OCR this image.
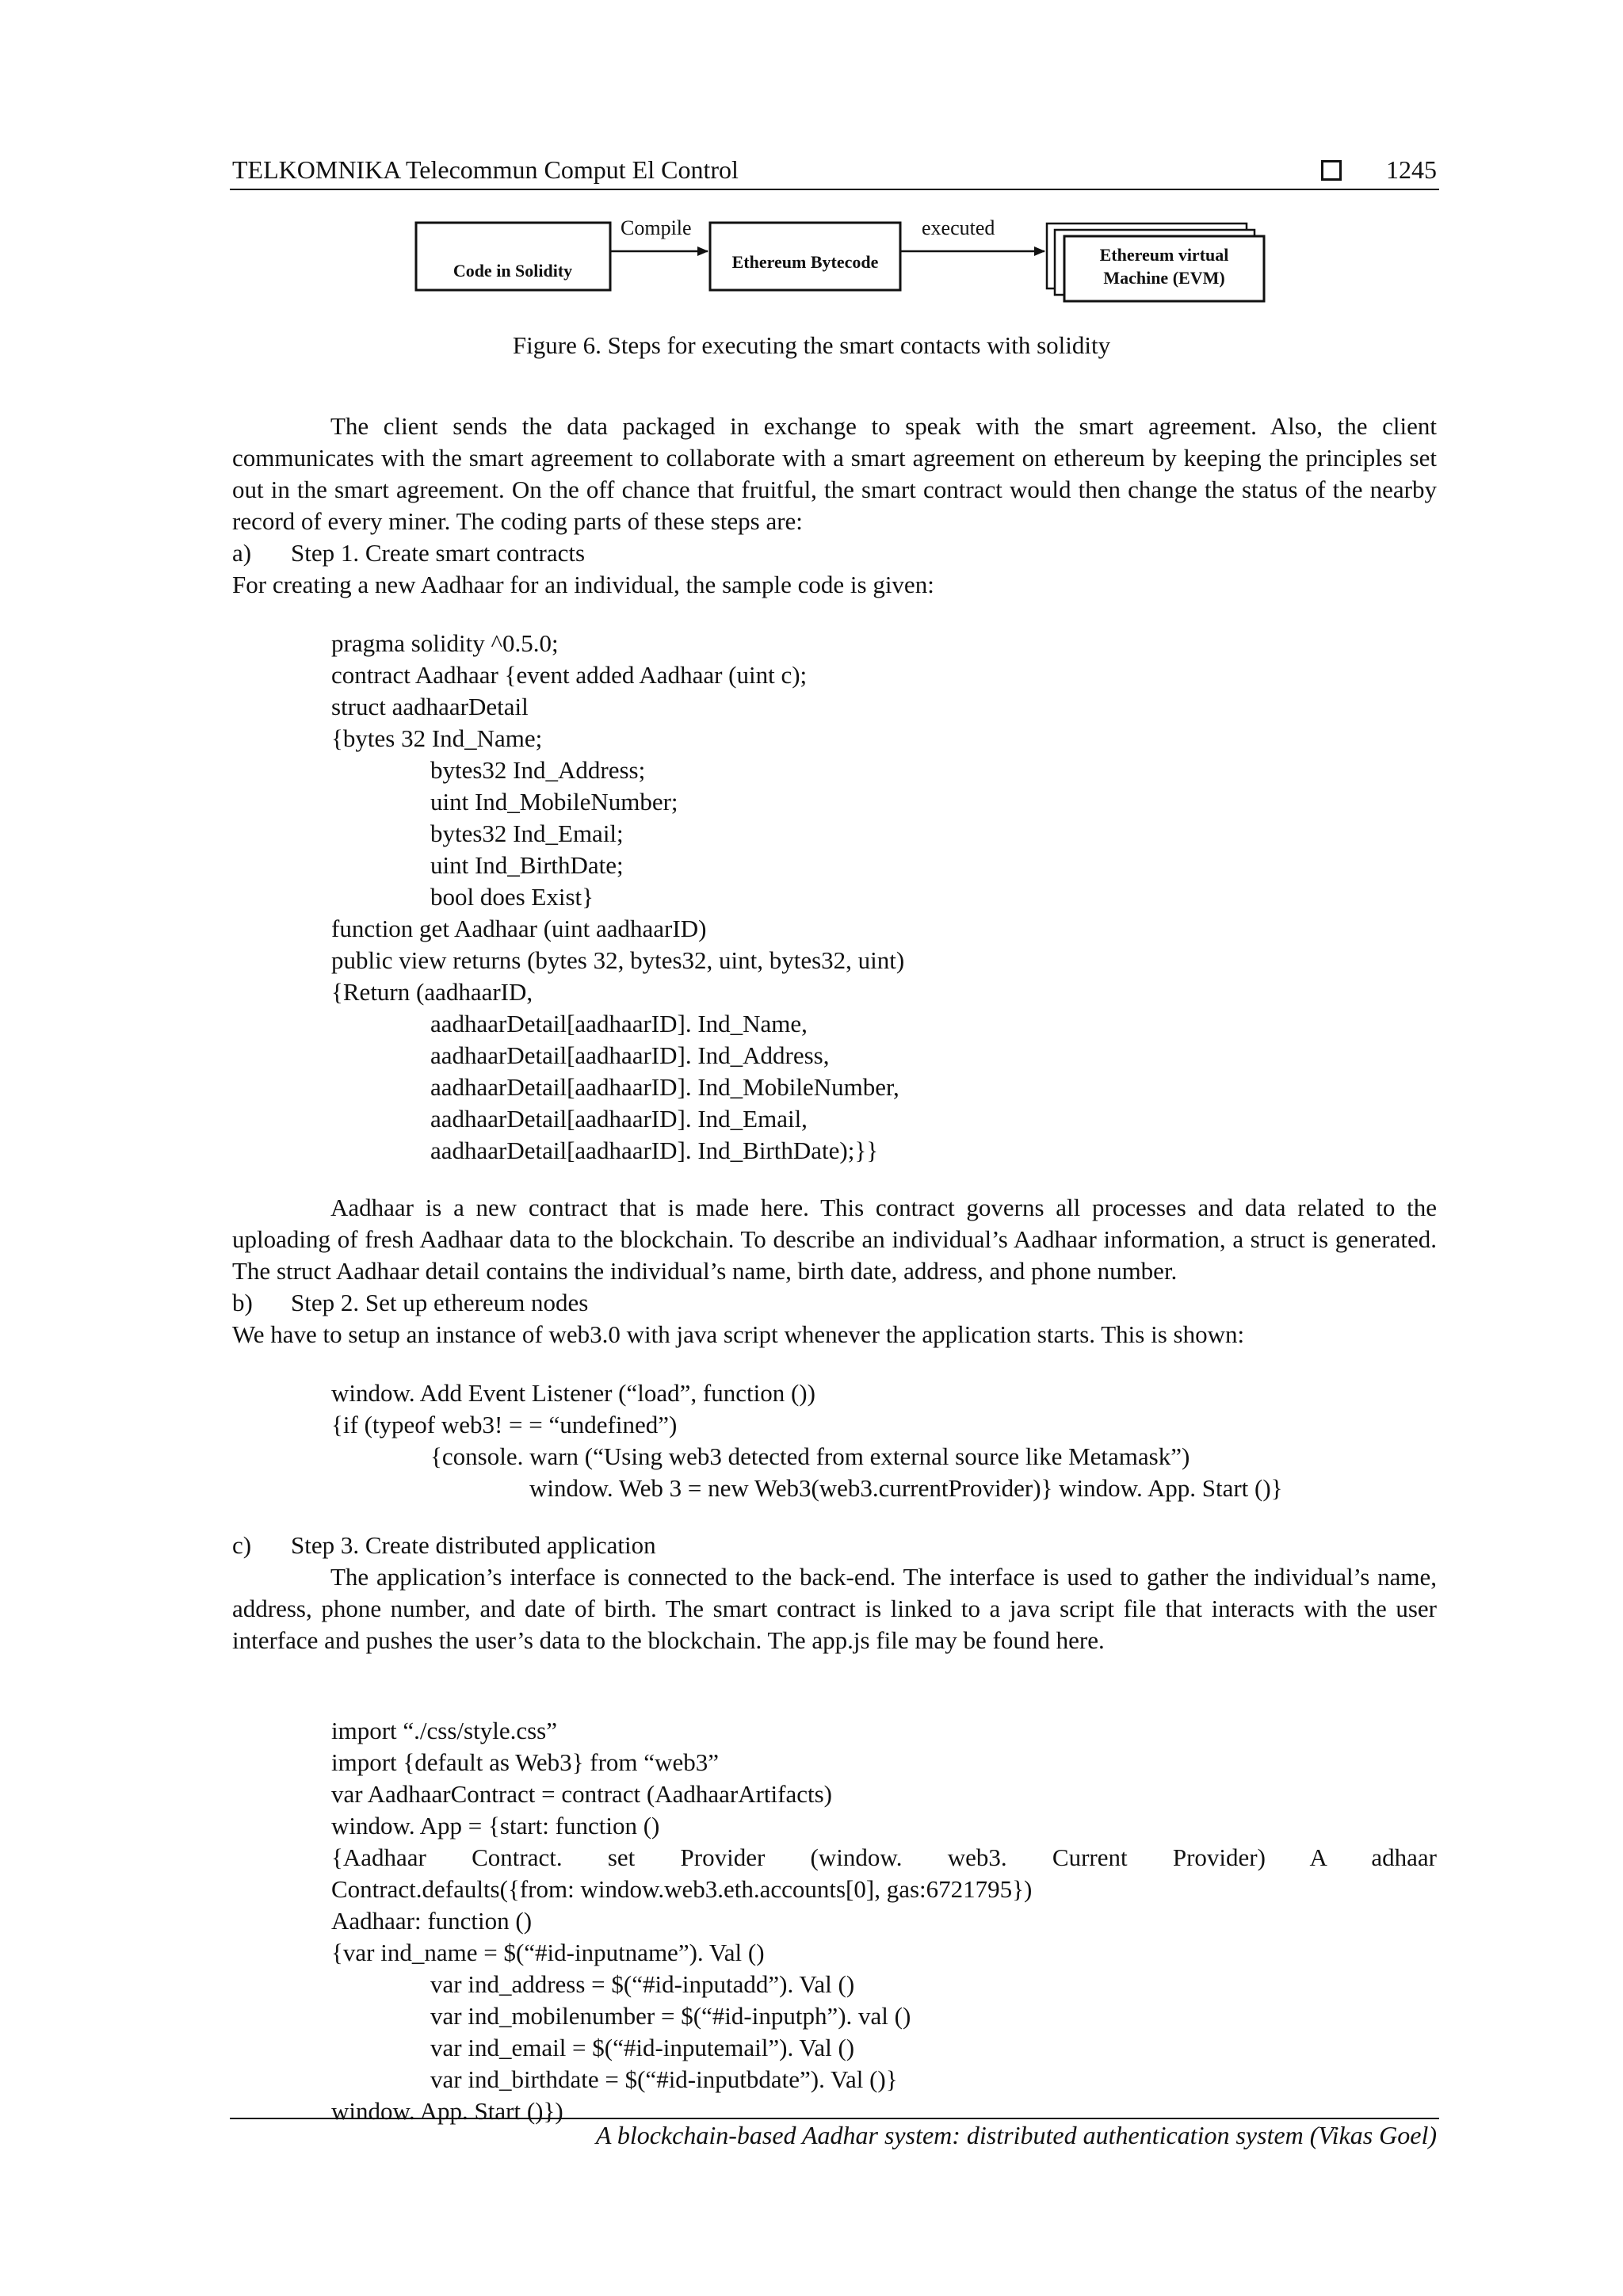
TELKOMNIKA Telecommun Comput El Control	1245
Code in Solidity
Compile
Ethereum Bytecode
executed
Ethereum virtual
Machine (EVM)
Figure 6. Steps for executing the smart contacts with solidity
The client sends the data packaged in exchange to speak with the smart agreement. Also, the client communicates with the smart agreement to collaborate with a smart agreement on ethereum by keeping the principles set out in the smart agreement. On the off chance that fruitful, the smart contract would then change the status of the nearby record of every miner. The coding parts of these steps are:
a) Step 1. Create smart contracts
For creating a new Aadhaar for an individual, the sample code is given:
pragma solidity ^0.5.0;
contract Aadhaar {event added Aadhaar (uint c);
struct aadhaarDetail
{bytes 32 Ind_Name;
bytes32 Ind_Address;
uint Ind_MobileNumber;
bytes32 Ind_Email;
uint Ind_BirthDate;
bool does Exist}
function get Aadhaar (uint aadhaarID)
public view returns (bytes 32, bytes32, uint, bytes32, uint)
{Return (aadhaarID,
aadhaarDetail[aadhaarID]. Ind_Name,
aadhaarDetail[aadhaarID]. Ind_Address,
aadhaarDetail[aadhaarID]. Ind_MobileNumber,
aadhaarDetail[aadhaarID]. Ind_Email,
aadhaarDetail[aadhaarID]. Ind_BirthDate);}}
Aadhaar is a new contract that is made here. This contract governs all processes and data related to the uploading of fresh Aadhaar data to the blockchain. To describe an individual’s Aadhaar information, a struct is generated. The struct Aadhaar detail contains the individual’s name, birth date, address, and phone number.
b) Step 2. Set up ethereum nodes
We have to setup an instance of web3.0 with java script whenever the application starts. This is shown:
window. Add Event Listener (“load”, function ())
{if (typeof web3! = = “undefined”)
{console. warn (“Using web3 detected from external source like Metamask”)
window. Web 3 = new Web3(web3.currentProvider)} window. App. Start ()}
c) Step 3. Create distributed application
The application’s interface is connected to the back-end. The interface is used to gather the individual’s name, address, phone number, and date of birth. The smart contract is linked to a java script file that interacts with the user interface and pushes the user’s data to the blockchain. The app.js file may be found here.
import “./css/style.css”
import {default as Web3} from “web3”
var AadhaarContract = contract (AadhaarArtifacts)
window. App = {start: function ()
{Aadhaar Contract. set Provider (window. web3. Current Provider) A adhaar
Contract.defaults({from: window.web3.eth.accounts[0], gas:6721795})
Aadhaar: function ()
{var ind_name = $(“#id-inputname”). Val ()
var ind_address = $(“#id-inputadd”). Val ()
var ind_mobilenumber = $(“#id-inputph”). val ()
var ind_email = $(“#id-inputemail”). Val ()
var ind_birthdate = $(“#id-inputbdate”). Val ()}
window. App. Start ()})
A blockchain-based Aadhar system: distributed authentication system (Vikas Goel)
